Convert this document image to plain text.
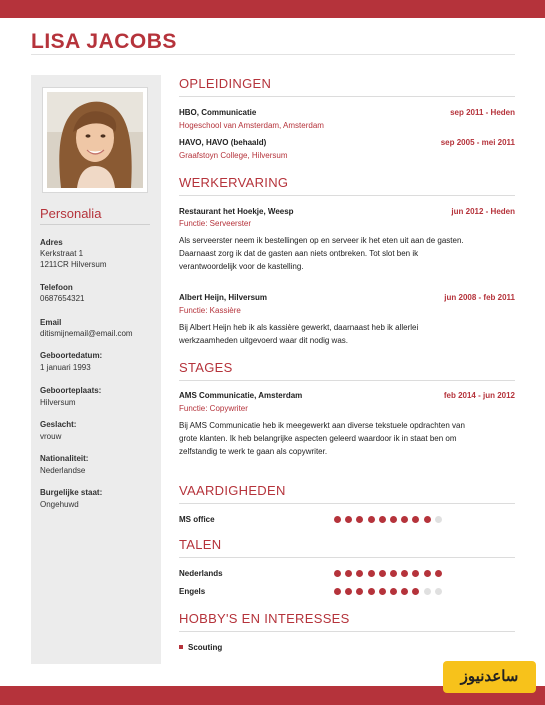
LISA JACOBS
Personalia
Adres
Kerkstraat 1
1211CR Hilversum
Telefoon
0687654321
Email
ditismijnemail@email.com
Geboortedatum:
1 januari 1993
Geboorteplaats:
Hilversum
Geslacht:
vrouw
Nationaliteit:
Nederlandse
Burgelijke staat:
Ongehuwd
OPLEIDINGEN
HBO, Communicatie	sep 2011 - Heden
Hogeschool van Amsterdam, Amsterdam
HAVO, HAVO (behaald)	sep 2005 - mei 2011
Graafstoyn College, Hilversum
WERKERVARING
Restaurant het Hoekje, Weesp	jun 2012 - Heden
Functie: Serveerster
Als serveerster neem ik bestellingen op en serveer ik het eten uit aan de gasten.
Daarnaast zorg ik dat de gasten aan niets ontbreken. Tot slot ben ik
verantwoordelijk voor de kastelling.
Albert Heijn, Hilversum	jun 2008 - feb 2011
Functie: Kassière
Bij Albert Heijn heb ik als kassière gewerkt, daarnaast heb ik allerlei
werkzaamheden uitgevoerd waar dit nodig was.
STAGES
AMS Communicatie, Amsterdam	feb 2014 - jun 2012
Functie: Copywriter
Bij AMS Communicatie heb ik meegewerkt aan diverse tekstuele opdrachten van
grote klanten. Ik heb belangrijke aspecten geleerd waardoor ik in staat ben om
zelfstandig te werk te gaan als copywriter.
VAARDIGHEDEN
MS office
TALEN
Nederlands
Engels
HOBBY'S EN INTERESSES
Scouting
ساعدنیوز
